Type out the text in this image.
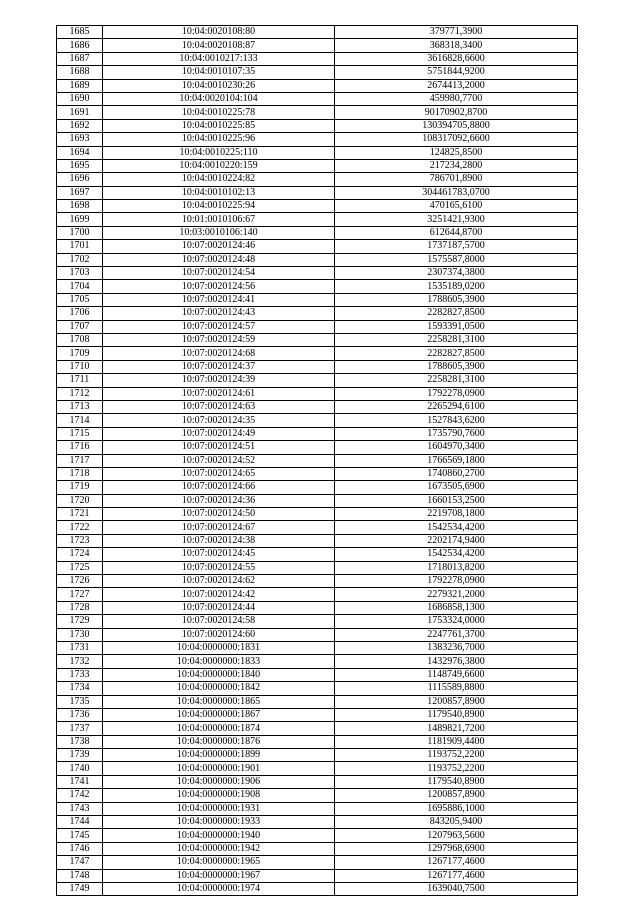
1685	10:04:0020108:80	379771,3900
1686	10:04:0020108:87	368318,3400
1687	10:04:0010217:133	3616828,6600
1688	10:04:0010107:35	5751844,9200
1689	10:04:0010230:26	2674413,2000
1690	10:04:0020104:104	459980,7700
1691	10:04:0010225:78	90170902,8700
1692	10:04:0010225:85	130394705,8800
1693	10:04:0010225:96	108317092,6600
1694	10:04:0010225:110	124825,8500
1695	10:04:0010220:159	217234,2800
1696	10:04:0010224:82	786701,8900
1697	10:04:0010102:13	304461783,0700
1698	10:04:0010225:94	470165,6100
1699	10:01:0010106:67	3251421,9300
1700	10:03:0010106:140	612644,8700
1701	10:07:0020124:46	1737187,5700
1702	10:07:0020124:48	1575587,8000
1703	10:07:0020124:54	2307374,3800
1704	10:07:0020124:56	1535189,0200
1705	10:07:0020124:41	1788605,3900
1706	10:07:0020124:43	2282827,8500
1707	10:07:0020124:57	1593391,0500
1708	10:07:0020124:59	2258281,3100
1709	10:07:0020124:68	2282827,8500
1710	10:07:0020124:37	1788605,3900
1711	10:07:0020124:39	2258281,3100
1712	10:07:0020124:61	1792278,0900
1713	10:07:0020124:63	2265294,6100
1714	10:07:0020124:35	1527843,6200
1715	10:07:0020124:49	1735790,7600
1716	10:07:0020124:51	1604970,3400
1717	10:07:0020124:52	1766569,1800
1718	10:07:0020124:65	1740860,2700
1719	10:07:0020124:66	1673505,6900
1720	10:07:0020124:36	1660153,2500
1721	10:07:0020124:50	2219708,1800
1722	10:07:0020124:67	1542534,4200
1723	10:07:0020124:38	2202174,9400
1724	10:07:0020124:45	1542534,4200
1725	10:07:0020124:55	1718013,8200
1726	10:07:0020124:62	1792278,0900
1727	10:07:0020124:42	2279321,2000
1728	10:07:0020124:44	1686858,1300
1729	10:07:0020124:58	1753324,0000
1730	10:07:0020124:60	2247761,3700
1731	10:04:0000000:1831	1383236,7000
1732	10:04:0000000:1833	1432976,3800
1733	10:04:0000000:1840	1148749,6600
1734	10:04:0000000:1842	1115589,8800
1735	10:04:0000000:1865	1200857,8900
1736	10:04:0000000:1867	1179540,8900
1737	10:04:0000000:1874	1489821,7200
1738	10:04:0000000:1876	1181909,4400
1739	10:04:0000000:1899	1193752,2200
1740	10:04:0000000:1901	1193752,2200
1741	10:04:0000000:1906	1179540,8900
1742	10:04:0000000:1908	1200857,8900
1743	10:04:0000000:1931	1695886,1000
1744	10:04:0000000:1933	843205,9400
1745	10:04:0000000:1940	1207963,5600
1746	10:04:0000000:1942	1297968,6900
1747	10:04:0000000:1965	1267177,4600
1748	10:04:0000000:1967	1267177,4600
1749	10:04:0000000:1974	1639040,7500
